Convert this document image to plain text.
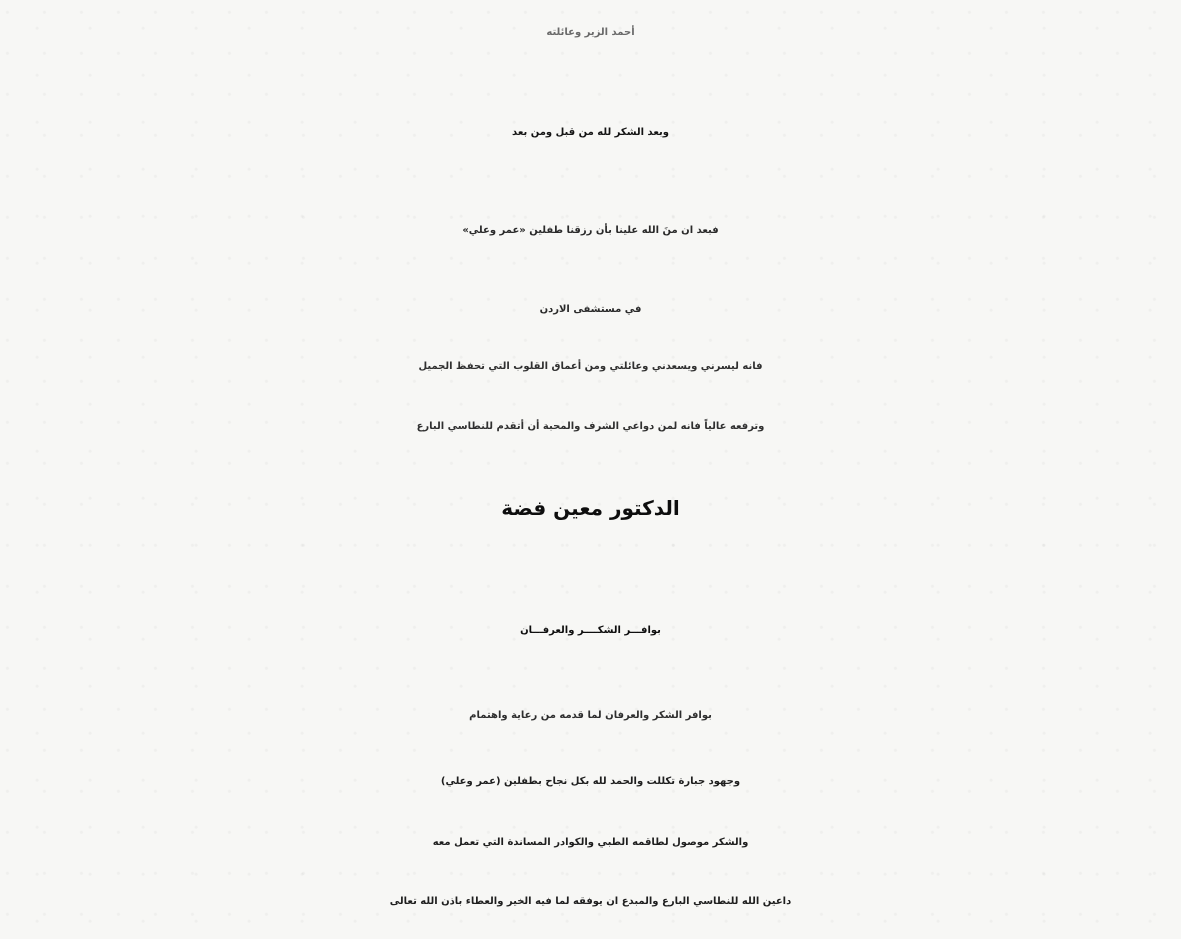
أحمد الزير وعائلته
وبعد الشكر لله من قبل ومن بعد
فبعد ان منَ الله علينا بأن رزقنا طفلين «عمر وعلي»
في مستشفى الاردن
فانه ليسرني ويسعدني وعائلتي ومن أعماق القلوب التي تحفظ الجميل
وترفعه عالياً فانه لمن دواعي الشرف والمحبة أن أتقدم للنطاسي البارع
الدكتور معين فضة
بوافـــر الشكــــر والعرفـــان
بوافر الشكر والعرفان لما قدمه من رعاية واهتمام
وجهود جبارة تكللت والحمد لله بكل نجاح بطفلين (عمر وعلي)
والشكر موصول لطاقمه الطبي والكوادر المساندة التي تعمل معه
داعين الله للنطاسي البارع والمبدع ان يوفقه لما فيه الخير والعطاء باذن الله تعالى
